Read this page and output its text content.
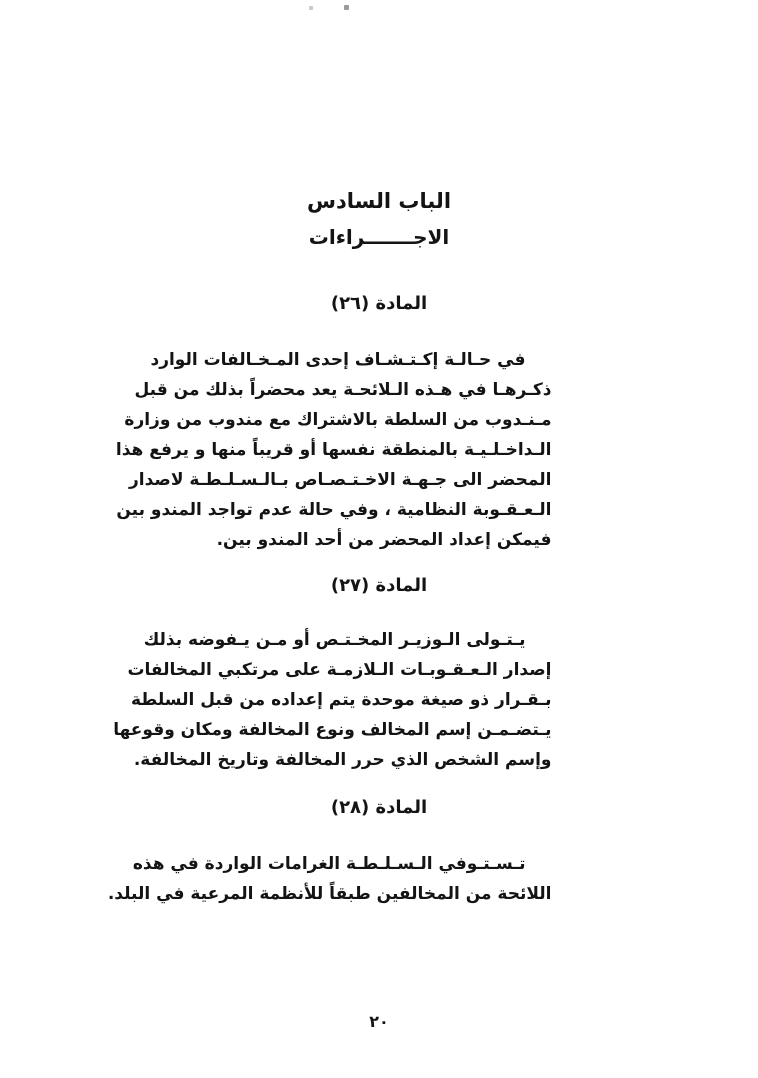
الباب السادس
الاجـــــــراءات
المادة (٢٦)
في حـالـة إكـتـشـاف إحدى المـخـالفات الوارد
ذكـرهـا في هـذه الـلائحـة يعد محضراً بذلك من قبل
مـنـدوب من السلطة بالاشتراك مع مندوب من وزارة
الـداخـلـيـة بالمنطقة نفسها أو قريباً منها و يرفع هذا
المحضر الى جـهـة الاخـتـصـاص بـالـسـلـطـة لاصدار
الـعـقـوبة النظامية ، وفي حالة عدم تواجد المندو بين
فيمكن إعداد المحضر من أحد المندو بين.
المادة (٢٧)
يـتـولى الـوزيـر المخـتـص أو مـن يـفوضه بذلك
إصدار الـعـقـوبـات الـلازمـة على مرتكبي المخالفات
بـقـرار ذو صيغة موحدة يتم إعداده من قبل السلطة
يـتضـمـن إسم المخالف ونوع المخالفة ومكان وقوعها
وإسم الشخص الذي حرر المخالفة وتاريخ المخالفة.
المادة (٢٨)
تـسـتـوفي الـسـلـطـة الغرامات الواردة في هذه
اللائحة من المخالفين طبقاً للأنظمة المرعية في البلد.
٢٠
